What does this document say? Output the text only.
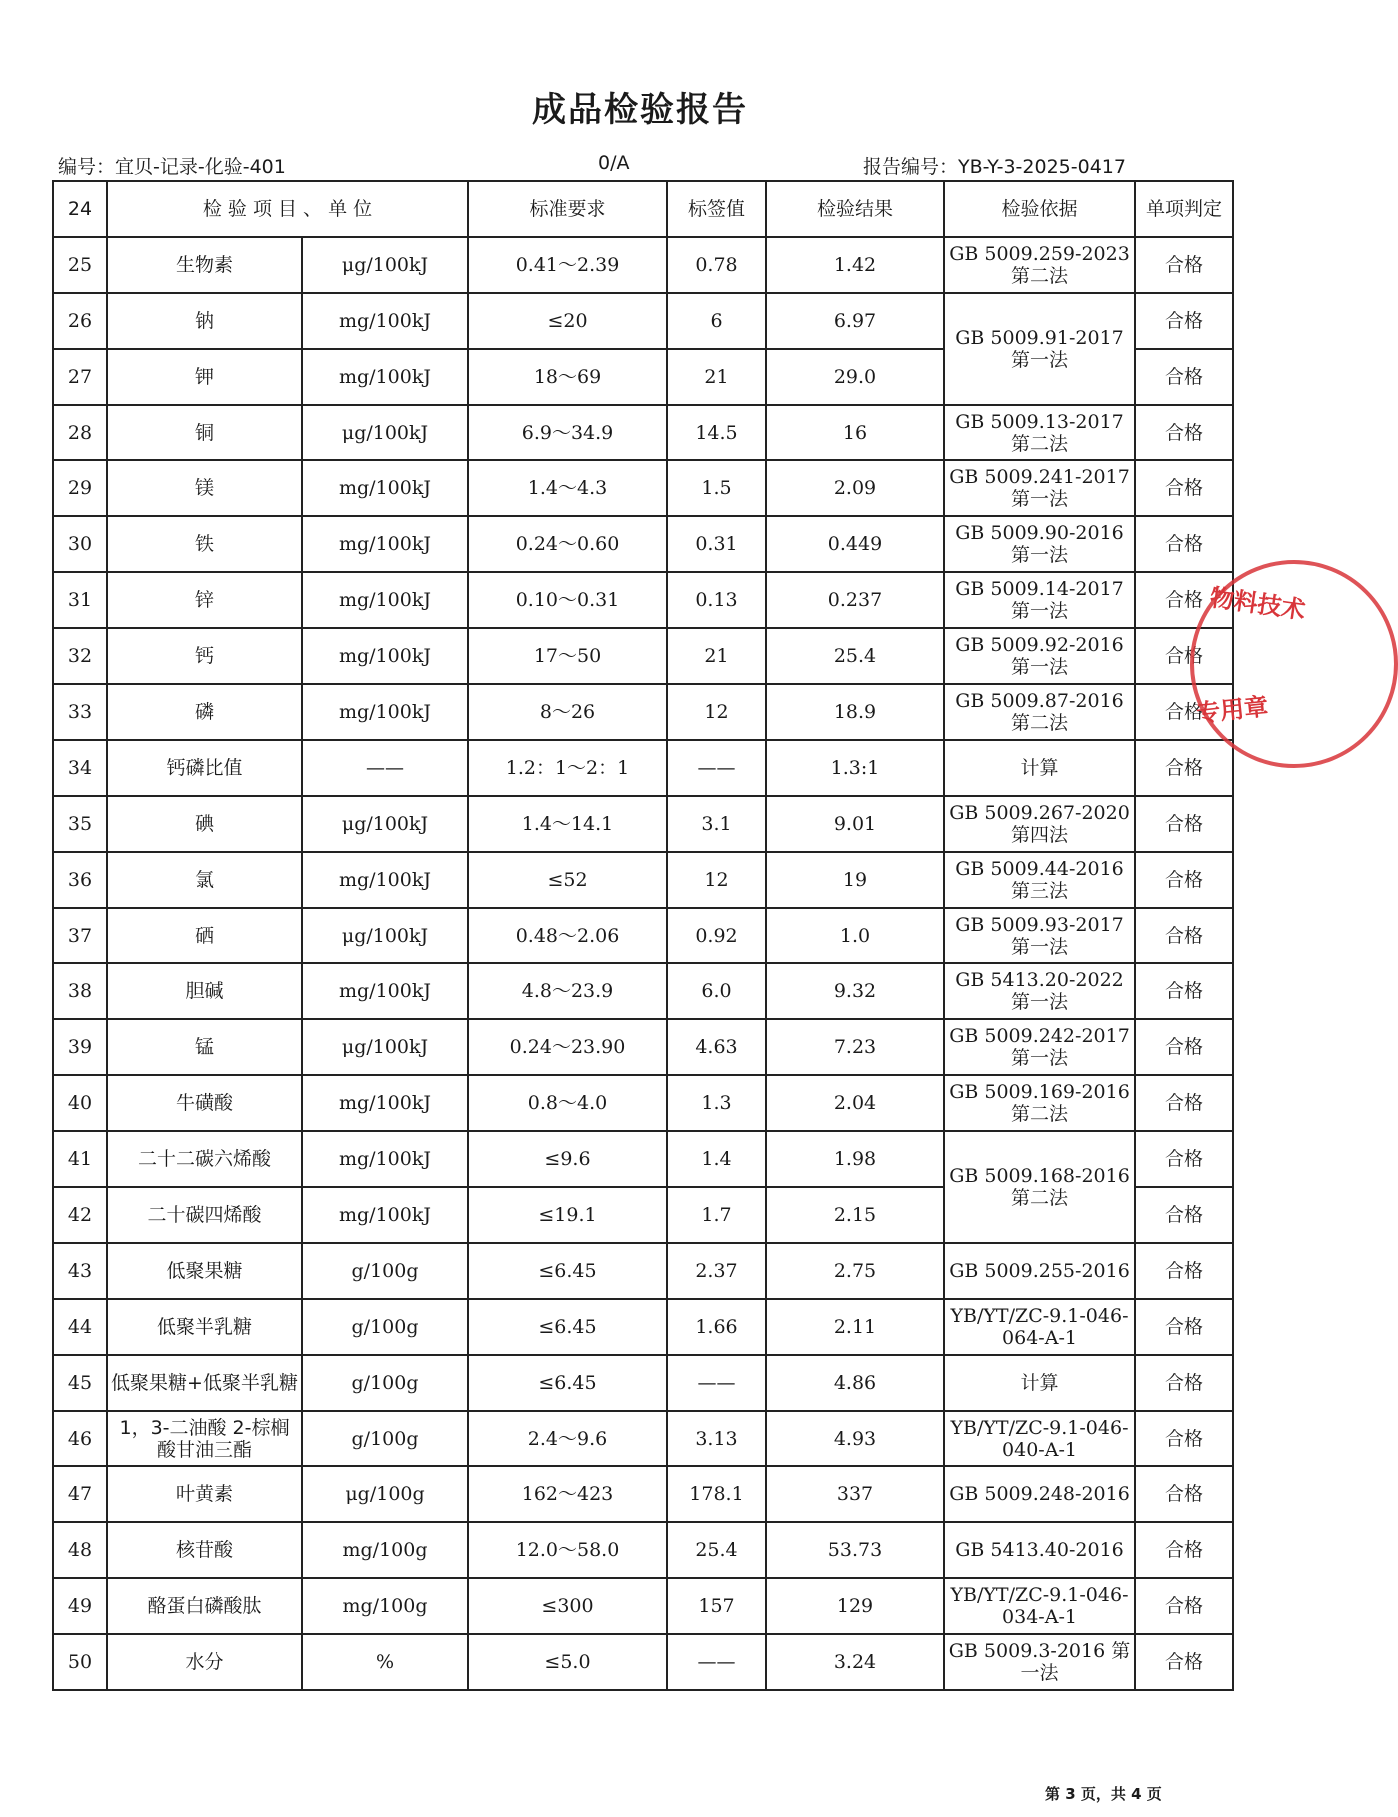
成品检验报告
编号：宜贝-记录-化验-401	0/A	报告编号：YB-Y-3-2025-0417
24	检 验 项 目 、 单 位		标准要求	标签值	检验结果	检验依据	单项判定
25	生物素	μg/100kJ	0.41～2.39	0.78	1.42	GB 5009.259-2023 第二法	合格
26	钠	mg/100kJ	≤20	6	6.97	GB 5009.91-2017 第一法	合格
27	钾	mg/100kJ	18～69	21	29.0		合格
28	铜	μg/100kJ	6.9～34.9	14.5	16	GB 5009.13-2017 第二法	合格
29	镁	mg/100kJ	1.4～4.3	1.5	2.09	GB 5009.241-2017 第一法	合格
30	铁	mg/100kJ	0.24～0.60	0.31	0.449	GB 5009.90-2016 第一法	合格
31	锌	mg/100kJ	0.10～0.31	0.13	0.237	GB 5009.14-2017 第一法	合格
32	钙	mg/100kJ	17～50	21	25.4	GB 5009.92-2016 第一法	合格
33	磷	mg/100kJ	8～26	12	18.9	GB 5009.87-2016 第二法	合格
34	钙磷比值	——	1.2：1～2：1	——	1.3:1	计算	合格
35	碘	μg/100kJ	1.4～14.1	3.1	9.01	GB 5009.267-2020 第四法	合格
36	氯	mg/100kJ	≤52	12	19	GB 5009.44-2016 第三法	合格
37	硒	μg/100kJ	0.48～2.06	0.92	1.0	GB 5009.93-2017 第一法	合格
38	胆碱	mg/100kJ	4.8～23.9	6.0	9.32	GB 5413.20-2022 第一法	合格
39	锰	μg/100kJ	0.24～23.90	4.63	7.23	GB 5009.242-2017 第一法	合格
40	牛磺酸	mg/100kJ	0.8～4.0	1.3	2.04	GB 5009.169-2016 第二法	合格
41	二十二碳六烯酸	mg/100kJ	≤9.6	1.4	1.98	GB 5009.168-2016 第二法	合格
42	二十碳四烯酸	mg/100kJ	≤19.1	1.7	2.15		合格
43	低聚果糖	g/100g	≤6.45	2.37	2.75	GB 5009.255-2016	合格
44	低聚半乳糖	g/100g	≤6.45	1.66	2.11	YB/YT/ZC-9.1-046-064-A-1	合格
45	低聚果糖+低聚半乳糖	g/100g	≤6.45	——	4.86	计算	合格
46	1，3-二油酸 2-棕榈酸甘油三酯	g/100g	2.4～9.6	3.13	4.93	YB/YT/ZC-9.1-046-040-A-1	合格
47	叶黄素	μg/100g	162～423	178.1	337	GB 5009.248-2016	合格
48	核苷酸	mg/100g	12.0～58.0	25.4	53.73	GB 5413.40-2016	合格
49	酪蛋白磷酸肽	mg/100g	≤300	157	129	YB/YT/ZC-9.1-046-034-A-1	合格
50	水分	%	≤5.0	——	3.24	GB 5009.3-2016 第一法	合格
物料技术
专用章
第 3 页，共 4 页
